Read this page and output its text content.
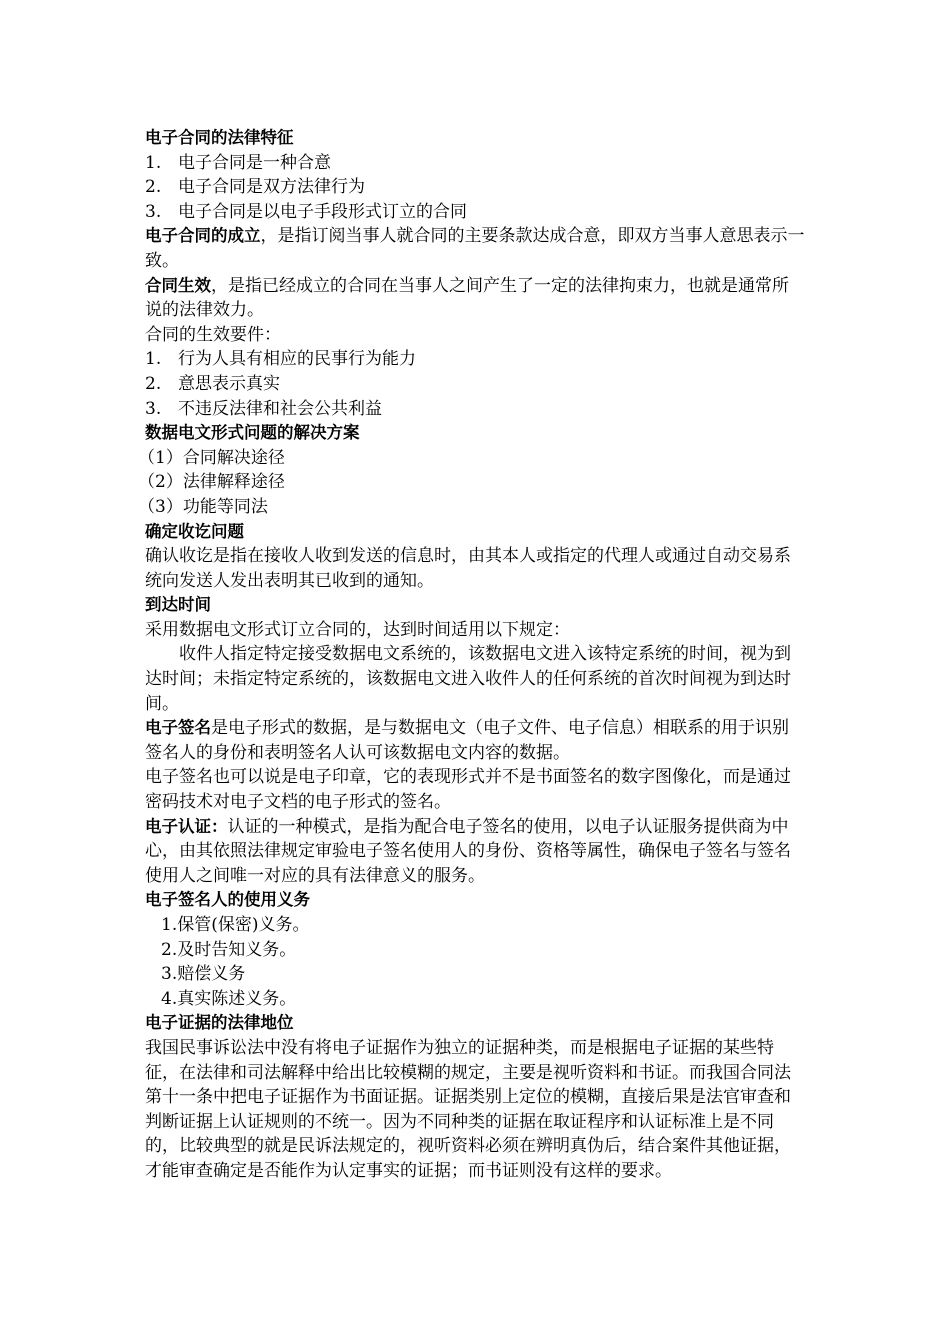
电子合同的法律特征
1. 电子合同是一种合意
2. 电子合同是双方法律行为
3. 电子合同是以电子手段形式订立的合同
电子合同的成立，是指订阅当事人就合同的主要条款达成合意，即双方当事人意思表示一致。
合同生效，是指已经成立的合同在当事人之间产生了一定的法律拘束力，也就是通常所说的法律效力。
合同的生效要件：
1. 行为人具有相应的民事行为能力
2. 意思表示真实
3. 不违反法律和社会公共利益
数据电文形式问题的解决方案
（1）合同解决途径
（2）法律解释途径
（3）功能等同法
确定收讫问题
确认收讫是指在接收人收到发送的信息时，由其本人或指定的代理人或通过自动交易系统向发送人发出表明其已收到的通知。
到达时间
采用数据电文形式订立合同的，达到时间适用以下规定：
收件人指定特定接受数据电文系统的，该数据电文进入该特定系统的时间，视为到达时间；未指定特定系统的，该数据电文进入收件人的任何系统的首次时间视为到达时间。
电子签名是电子形式的数据，是与数据电文（电子文件、电子信息）相联系的用于识别签名人的身份和表明签名人认可该数据电文内容的数据。
电子签名也可以说是电子印章，它的表现形式并不是书面签名的数字图像化，而是通过密码技术对电子文档的电子形式的签名。
电子认证：认证的一种模式，是指为配合电子签名的使用，以电子认证服务提供商为中心，由其依照法律规定审验电子签名使用人的身份、资格等属性，确保电子签名与签名使用人之间唯一对应的具有法律意义的服务。
电子签名人的使用义务
1.保管(保密)义务。
2.及时告知义务。
3.赔偿义务
4.真实陈述义务。
电子证据的法律地位
我国民事诉讼法中没有将电子证据作为独立的证据种类，而是根据电子证据的某些特征，在法律和司法解释中给出比较模糊的规定，主要是视听资料和书证。而我国合同法第十一条中把电子证据作为书面证据。证据类别上定位的模糊，直接后果是法官审查和判断证据上认证规则的不统一。因为不同种类的证据在取证程序和认证标准上是不同的，比较典型的就是民诉法规定的，视听资料必须在辨明真伪后，结合案件其他证据，才能审查确定是否能作为认定事实的证据；而书证则没有这样的要求。
